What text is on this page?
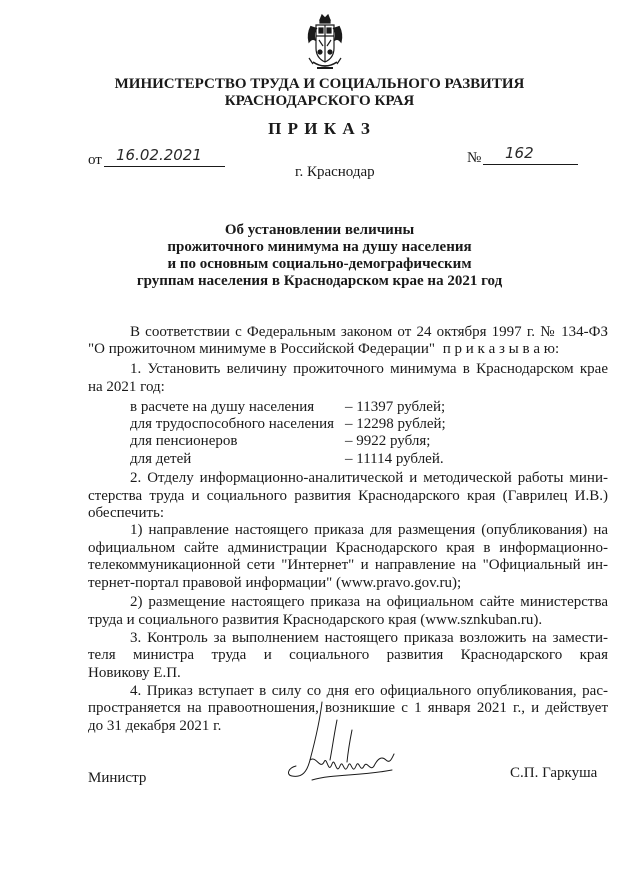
МИНИСТЕРСТВО ТРУДА И СОЦИАЛЬНОГО РАЗВИТИЯ
КРАСНОДАРСКОГО КРАЯ
П Р И К А З
от 16.02.2021	№ 162
г. Краснодар
Об установлении величины
прожиточного минимума на душу населения
и по основным социально-демографическим
группам населения в Краснодарском крае на 2021 год
В соответствии с Федеральным законом от 24 октября 1997 г. № 134-ФЗ
"О прожиточном минимуме в Российской Федерации" п р и к а з ы в а ю:
1. Установить величину прожиточного минимума в Краснодарском крае
на 2021 год:
в расчете на душу населения – 11397 рублей;
для трудоспособного населения – 12298 рублей;
для пенсионеров	– 9922 рубля;
для детей	– 11114 рублей.
2. Отделу информационно-аналитической и методической работы мини-
стерства труда и социального развития Краснодарского края (Гаврилец И.В.)
обеспечить:
1) направление настоящего приказа для размещения (опубликования) на
официальном сайте администрации Краснодарского края в информационно-
телекоммуникационной сети "Интернет" и направление на "Официальный ин-
тернет-портал правовой информации" (www.pravo.gov.ru);
2) размещение настоящего приказа на официальном сайте министерства
труда и социального развития Краснодарского края (www.sznkuban.ru).
3. Контроль за выполнением настоящего приказа возложить на замести-
теля министра труда и социального развития Краснодарского края
Новикову Е.П.
4. Приказ вступает в силу со дня его официального опубликования, рас-
пространяется на правоотношения, возникшие с 1 января 2021 г., и действует
до 31 декабря 2021 г.
Министр	С.П. Гаркуша
